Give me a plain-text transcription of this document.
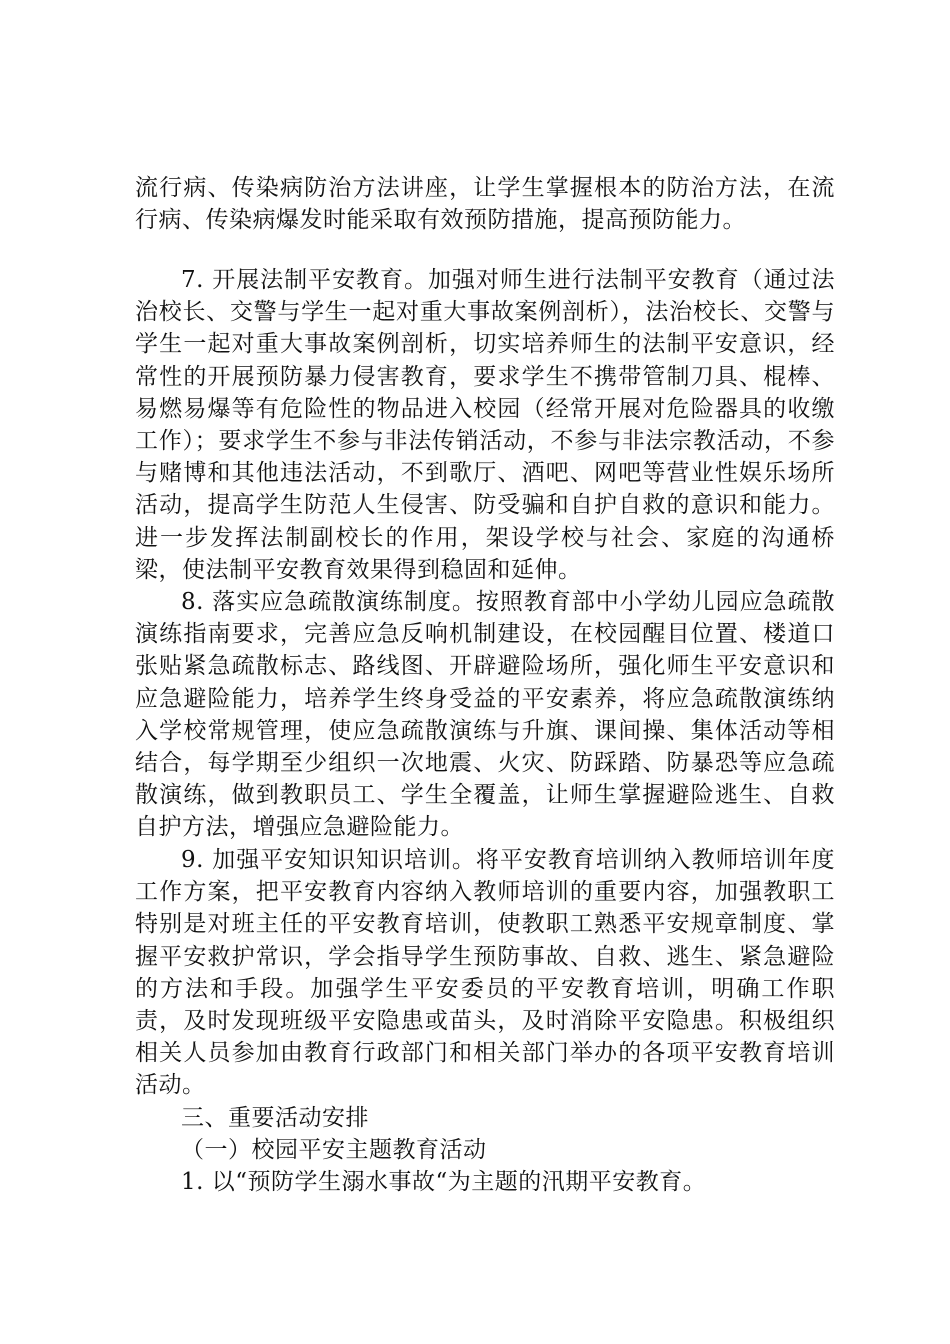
流行病、传染病防治方法讲座，让学生掌握根本的防治方法，在流行病、传染病爆发时能采取有效预防措施，提高预防能力。

7. 开展法制平安教育。加强对师生进行法制平安教育（通过法治校长、交警与学生一起对重大事故案例剖析），法治校长、交警与学生一起对重大事故案例剖析，切实培养师生的法制平安意识，经常性的开展预防暴力侵害教育，要求学生不携带管制刀具、棍棒、易燃易爆等有危险性的物品进入校园（经常开展对危险器具的收缴工作）；要求学生不参与非法传销活动，不参与非法宗教活动，不参与赌博和其他违法活动，不到歌厅、酒吧、网吧等营业性娱乐场所活动，提高学生防范人生侵害、防受骗和自护自救的意识和能力。进一步发挥法制副校长的作用，架设学校与社会、家庭的沟通桥梁，使法制平安教育效果得到稳固和延伸。

8. 落实应急疏散演练制度。按照教育部中小学幼儿园应急疏散演练指南要求，完善应急反响机制建设，在校园醒目位置、楼道口张贴紧急疏散标志、路线图、开辟避险场所，强化师生平安意识和应急避险能力，培养学生终身受益的平安素养，将应急疏散演练纳入学校常规管理，使应急疏散演练与升旗、课间操、集体活动等相结合，每学期至少组织一次地震、火灾、防踩踏、防暴恐等应急疏散演练，做到教职员工、学生全覆盖，让师生掌握避险逃生、自救自护方法，增强应急避险能力。

9. 加强平安知识知识培训。将平安教育培训纳入教师培训年度工作方案，把平安教育内容纳入教师培训的重要内容，加强教职工特别是对班主任的平安教育培训，使教职工熟悉平安规章制度、掌握平安救护常识，学会指导学生预防事故、自救、逃生、紧急避险的方法和手段。加强学生平安委员的平安教育培训，明确工作职责，及时发现班级平安隐患或苗头，及时消除平安隐患。积极组织相关人员参加由教育行政部门和相关部门举办的各项平安教育培训活动。

三、重要活动安排

（一）校园平安主题教育活动

1. 以“预防学生溺水事故“为主题的汛期平安教育。
